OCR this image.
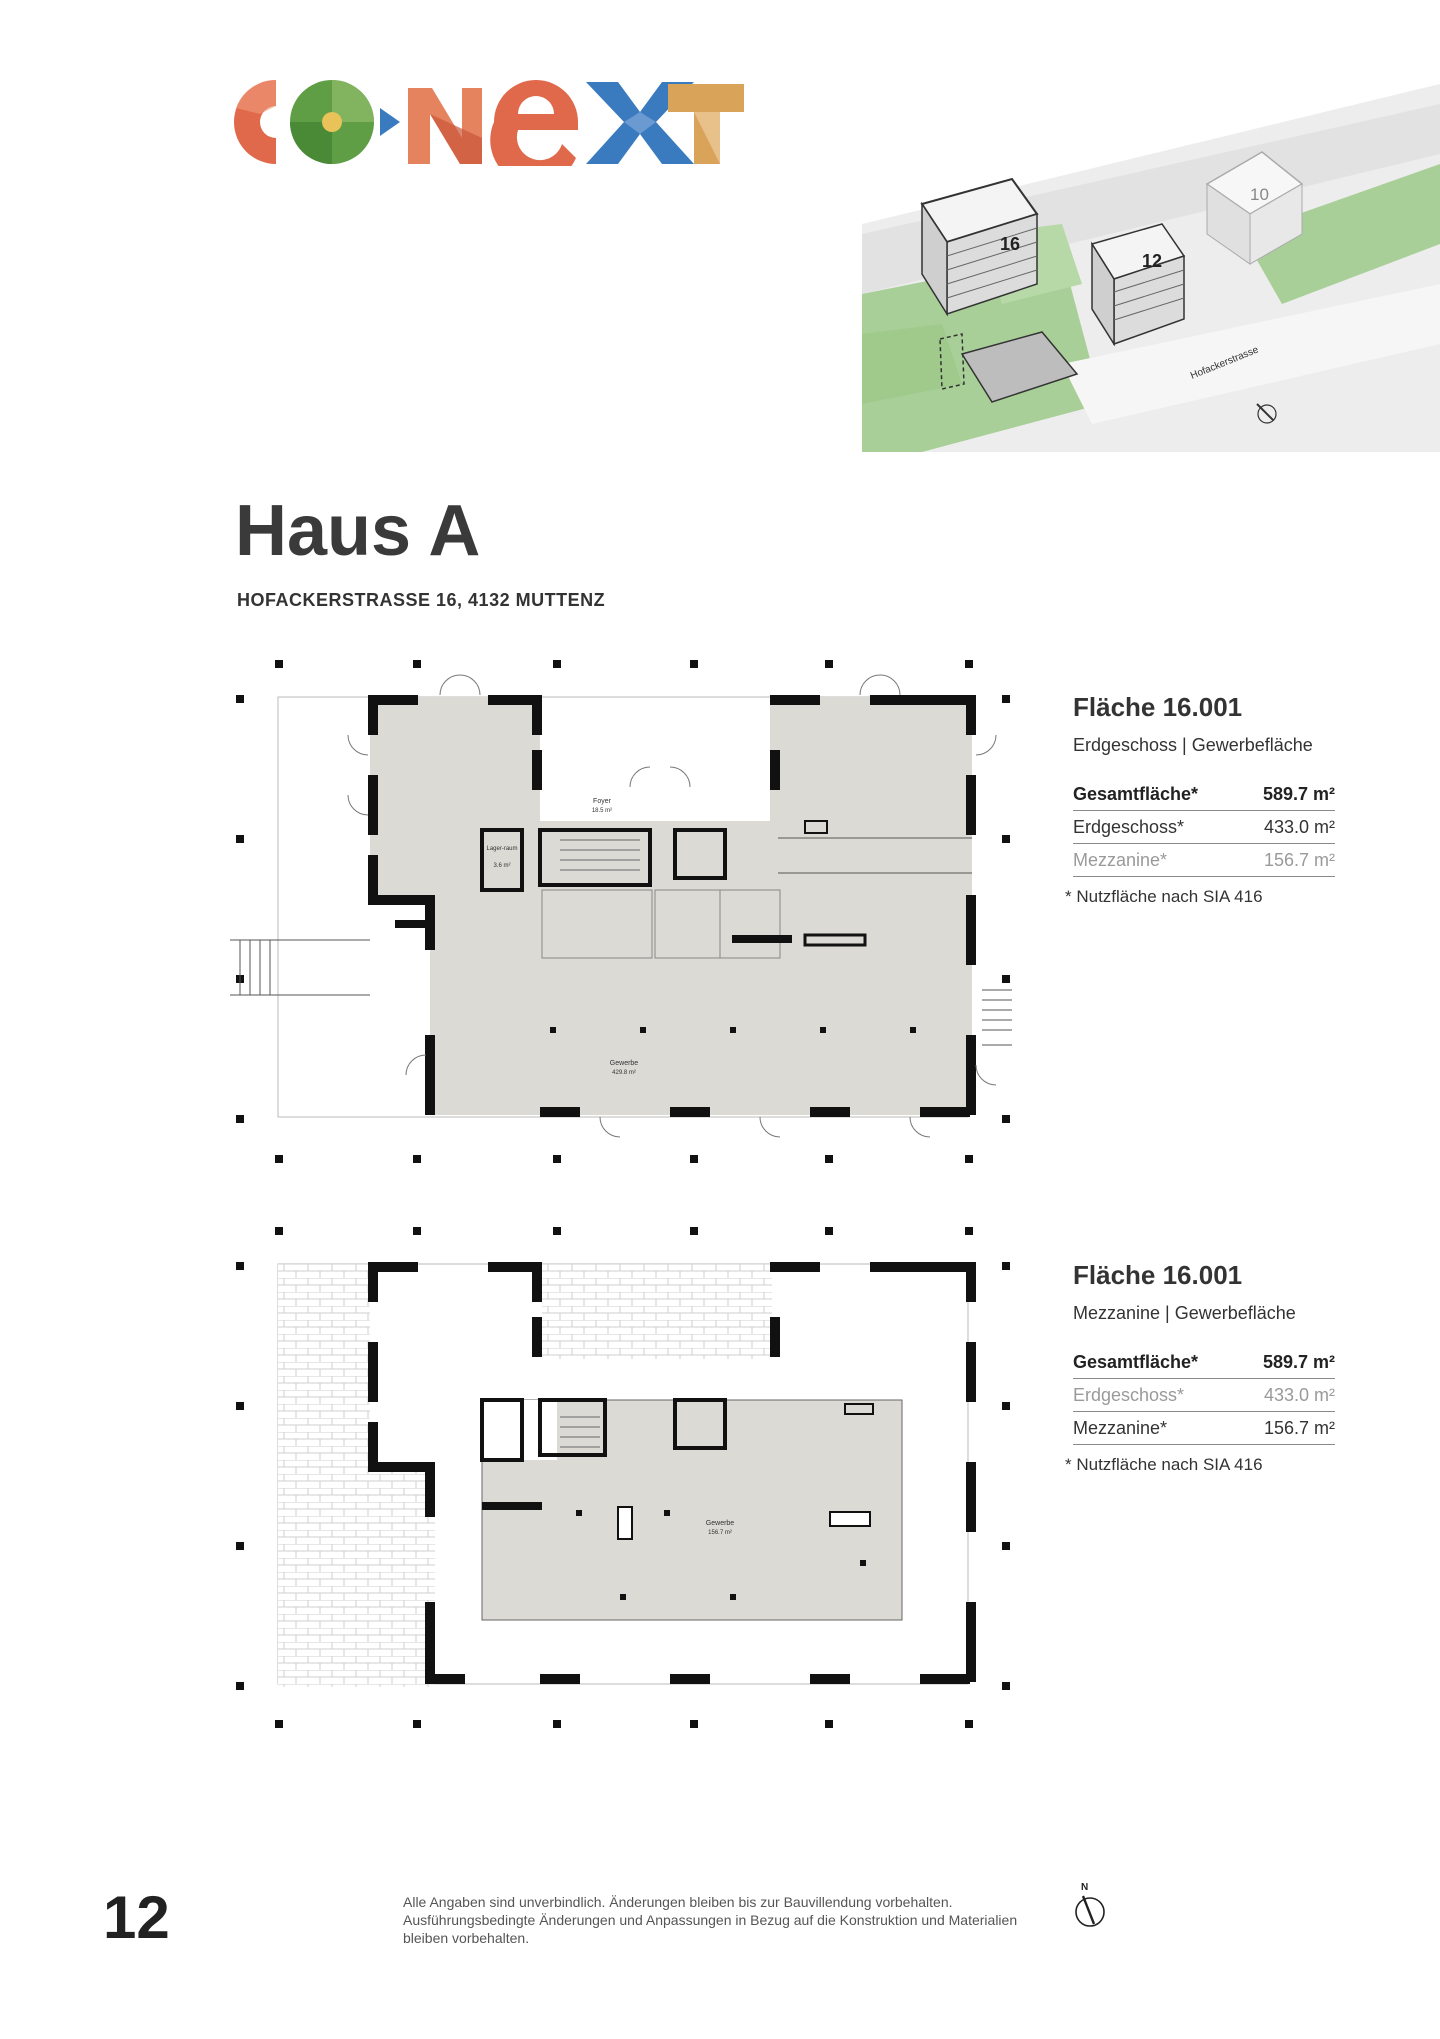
16
12
10
Hofackerstrasse
Haus A
HOFACKERSTRASSE 16, 4132 MUTTENZ
Foyer
18.5 m²
Lager-raum
3.6 m²
Gewerbe
429.8 m²
Gewerbe
156.7 m²
Fläche 16.001
Erdgeschoss | Gewerbefläche
Gesamtfläche*	589.7 m²
Erdgeschoss*	433.0 m²
Mezzanine*	156.7 m²
* Nutzfläche nach SIA 416
Fläche 16.001
Mezzanine | Gewerbefläche
Gesamtfläche*	589.7 m²
Erdgeschoss*	433.0 m²
Mezzanine*	156.7 m²
* Nutzfläche nach SIA 416
12	Alle Angaben sind unverbindlich. Änderungen bleiben bis zur Bauvillendung vorbehalten. Ausführungsbedingte Änderungen und Anpassungen in Bezug auf die Konstruktion und Materialien bleiben vorbehalten.
N
